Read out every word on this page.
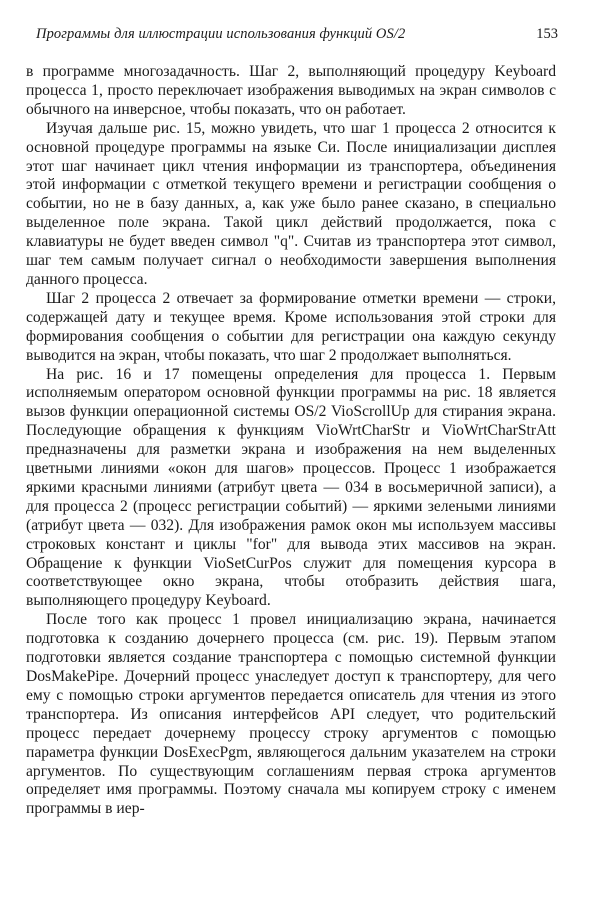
Программы для иллюстрации использования функций OS/2	153

в программе многозадачность. Шаг 2, выполняющий процедуру Keyboard процесса 1, просто переключает изображения выводимых на экран символов с обычного на инверсное, чтобы показать, что он работает.

Изучая дальше рис. 15, можно увидеть, что шаг 1 процесса 2 относится к основной процедуре программы на языке Си. После инициализации дисплея этот шаг начинает цикл чтения информации из транспортера, объединения этой информации с отметкой текущего времени и регистрации сообщения о событии, но не в базу данных, а, как уже было ранее сказано, в специально выделенное поле экрана. Такой цикл действий продолжается, пока с клавиатуры не будет введен символ "q". Считав из транспортера этот символ, шаг тем самым получает сигнал о необходимости завершения выполнения данного процесса.

Шаг 2 процесса 2 отвечает за формирование отметки времени — строки, содержащей дату и текущее время. Кроме использования этой строки для формирования сообщения о событии для регистрации она каждую секунду выводится на экран, чтобы показать, что шаг 2 продолжает выполняться.

На рис. 16 и 17 помещены определения для процесса 1. Первым исполняемым оператором основной функции программы на рис. 18 является вызов функции операционной системы OS/2 VioScrollUp для стирания экрана. Последующие обращения к функциям VioWrtCharStr и VioWrtCharStrAtt предназначены для разметки экрана и изображения на нем выделенных цветными линиями «окон для шагов» процессов. Процесс 1 изображается яркими красными линиями (атрибут цвета — 034 в восьмеричной записи), а для процесса 2 (процесс регистрации событий) — яркими зелеными линиями (атрибут цвета — 032). Для изображения рамок окон мы используем массивы строковых констант и циклы "for" для вывода этих массивов на экран. Обращение к функции VioSetCurPos служит для помещения курсора в соответствующее окно экрана, чтобы отобразить действия шага, выполняющего процедуру Keyboard.

После того как процесс 1 провел инициализацию экрана, начинается подготовка к созданию дочернего процесса (см. рис. 19). Первым этапом подготовки является создание транспортера с помощью системной функции DosMakePipe. Дочерний процесс унаследует доступ к транспортеру, для чего ему с помощью строки аргументов передается описатель для чтения из этого транспортера. Из описания интерфейсов API следует, что родительский процесс передает дочернему процессу строку аргументов с помощью параметра функции DosExecPgm, являющегося дальним указателем на строки аргументов. По существующим соглашениям первая строка аргументов определяет имя программы. Поэтому сначала мы копируем строку с именем программы в иер-
